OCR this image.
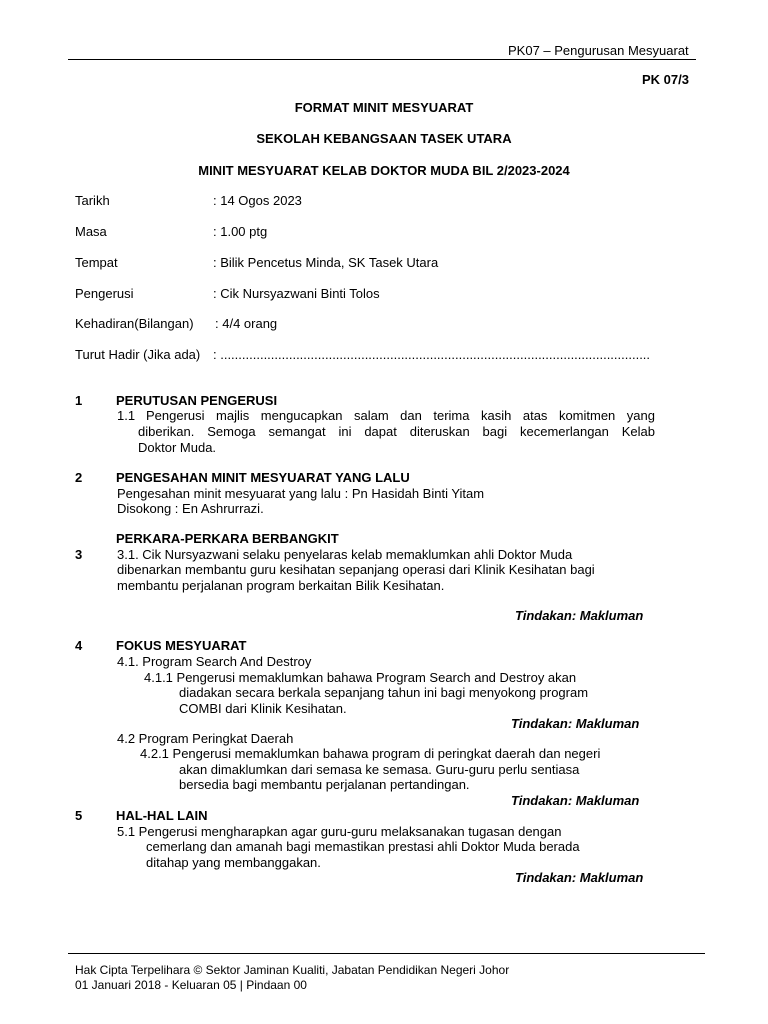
PK07 – Pengurusan Mesyuarat
PK 07/3
FORMAT MINIT MESYUARAT
SEKOLAH KEBANGSAAN TASEK UTARA
MINIT MESYUARAT KELAB DOKTOR MUDA BIL 2/2023-2024
Tarikh	: 14 Ogos 2023
Masa	: 1.00 ptg
Tempat	: Bilik Pencetus Minda, SK Tasek Utara
Pengerusi	: Cik Nursyazwani Binti Tolos
Kehadiran(Bilangan) : 4/4 orang
Turut Hadir (Jika ada) : .......................................................................................................................
1	PERUTUSAN PENGERUSI
1.1 Pengerusi majlis mengucapkan salam dan terima kasih atas komitmen yang
diberikan. Semoga semangat ini dapat diteruskan bagi kecemerlangan Kelab
Doktor Muda.
2	PENGESAHAN MINIT MESYUARAT YANG LALU
Pengesahan minit mesyuarat yang lalu : Pn Hasidah Binti Yitam
Disokong : En Ashrurrazi.
PERKARA-PERKARA BERBANGKIT
3	3.1. Cik Nursyazwani selaku penyelaras kelab memaklumkan ahli Doktor Muda
dibenarkan membantu guru kesihatan sepanjang operasi dari Klinik Kesihatan bagi
membantu perjalanan program berkaitan Bilik Kesihatan.
Tindakan: Makluman
4	FOKUS MESYUARAT
4.1. Program Search And Destroy
4.1.1 Pengerusi memaklumkan bahawa Program Search and Destroy akan
diadakan secara berkala sepanjang tahun ini bagi menyokong program
COMBI dari Klinik Kesihatan.
Tindakan: Makluman
4.2 Program Peringkat Daerah
4.2.1 Pengerusi memaklumkan bahawa program di peringkat daerah dan negeri
akan dimaklumkan dari semasa ke semasa. Guru-guru perlu sentiasa
bersedia bagi membantu perjalanan pertandingan.
Tindakan: Makluman
5	HAL-HAL LAIN
5.1 Pengerusi mengharapkan agar guru-guru melaksanakan tugasan dengan
cemerlang dan amanah bagi memastikan prestasi ahli Doktor Muda berada
ditahap yang membanggakan.
Tindakan: Makluman
Hak Cipta Terpelihara © Sektor Jaminan Kualiti, Jabatan Pendidikan Negeri Johor
01 Januari 2018 - Keluaran 05 | Pindaan 00
